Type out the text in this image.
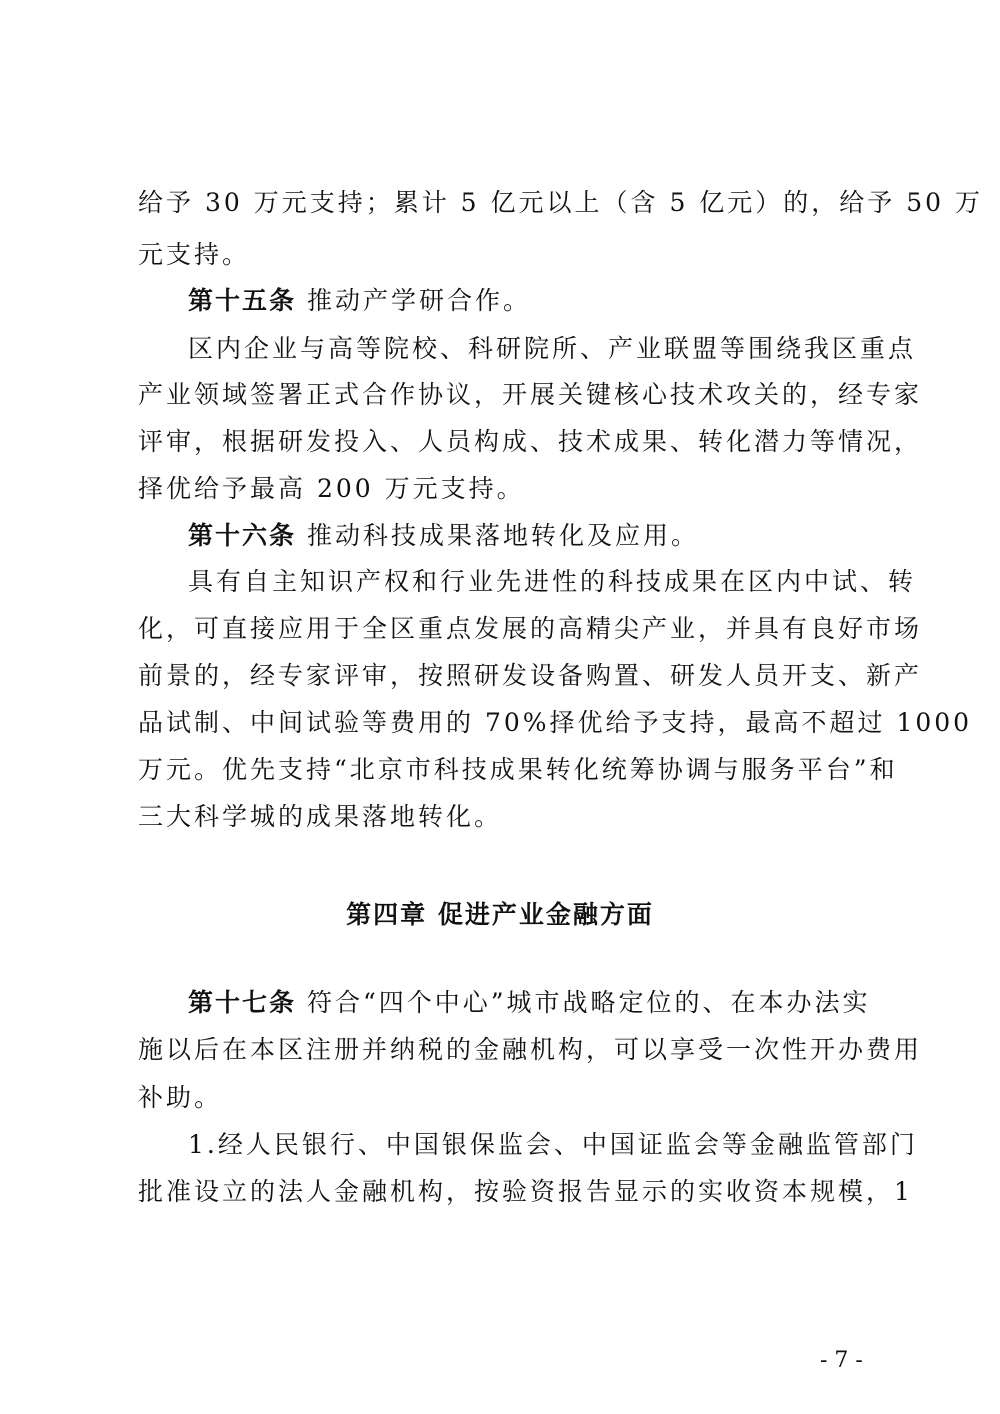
给予 30 万元支持；累计 5 亿元以上（含 5 亿元）的，给予 50 万
元支持。
第十五条 推动产学研合作。
区内企业与高等院校、科研院所、产业联盟等围绕我区重点
产业领域签署正式合作协议，开展关键核心技术攻关的，经专家
评审，根据研发投入、人员构成、技术成果、转化潜力等情况，
择优给予最高 200 万元支持。
第十六条 推动科技成果落地转化及应用。
具有自主知识产权和行业先进性的科技成果在区内中试、转
化，可直接应用于全区重点发展的高精尖产业，并具有良好市场
前景的，经专家评审，按照研发设备购置、研发人员开支、新产
品试制、中间试验等费用的 70%择优给予支持，最高不超过 1000
万元。优先支持“北京市科技成果转化统筹协调与服务平台”和
三大科学城的成果落地转化。
第四章 促进产业金融方面
第十七条 符合“四个中心”城市战略定位的、在本办法实
施以后在本区注册并纳税的金融机构，可以享受一次性开办费用
补助。
1.经人民银行、中国银保监会、中国证监会等金融监管部门
批准设立的法人金融机构，按验资报告显示的实收资本规模，1
- 7 -
